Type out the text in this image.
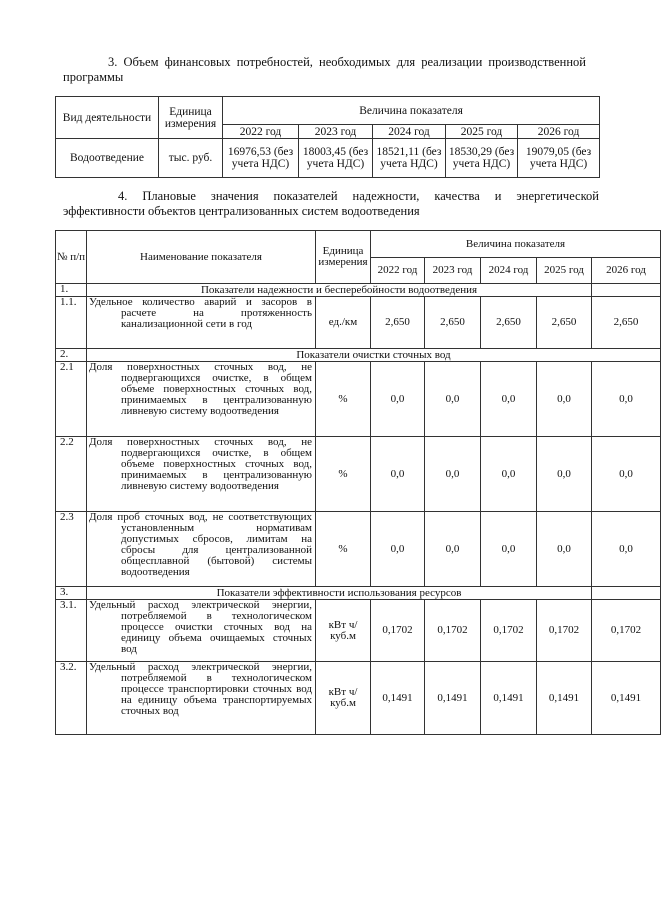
3. Объем финансовых потребностей, необходимых для реализации производственной программы
Вид деятельности	Единица измерения	Величина показателя				
		2022 год	2023 год	2024 год	2025 год	2026 год
Водоотведение	тыс. руб.	16976,53 (без учета НДС)	18003,45 (без учета НДС)	18521,11 (без учета НДС)	18530,29 (без учета НДС)	19079,05 (без учета НДС)
4. Плановые значения показателей надежности, качества и энергетической эффективности объектов централизованных систем водоотведения
№ п/п	Наименование показателя	Единица измерения	Величина показателя				
			2022 год	2023 год	2024 год	2025 год	2026 год
1.	Показатели надежности и бесперебойности водоотведения						
1.1.	Удельное количество аварий и засоров в расчете на протяженность канализационной сети в год	ед./км	2,650	2,650	2,650	2,650	2,650
2.	Показатели очистки сточных вод						
2.1	Доля поверхностных сточных вод, не подвергающихся очистке, в общем объеме поверхностных сточных вод, принимаемых в централизованную ливневую систему водоотведения	%	0,0	0,0	0,0	0,0	0,0
2.2	Доля поверхностных сточных вод, не подвергающихся очистке, в общем объеме поверхностных сточных вод, принимаемых в централизованную ливневую систему водоотведения	%	0,0	0,0	0,0	0,0	0,0
2.3	Доля проб сточных вод, не соответствующих установленным нормативам допустимых сбросов, лимитам на сбросы для централизованной общесплавной (бытовой) системы водоотведения	%	0,0	0,0	0,0	0,0	0,0
3.	Показатели эффективности использования ресурсов						
3.1.	Удельный расход электрической энергии, потребляемой в технологическом процессе очистки сточных вод на единицу объема очищаемых сточных вод	кВт ч/ куб.м	0,1702	0,1702	0,1702	0,1702	0,1702
3.2.	Удельный расход электрической энергии, потребляемой в технологическом процессе транспортировки сточных вод на единицу объема транспортируемых сточных вод	кВт ч/ куб.м	0,1491	0,1491	0,1491	0,1491	0,1491
